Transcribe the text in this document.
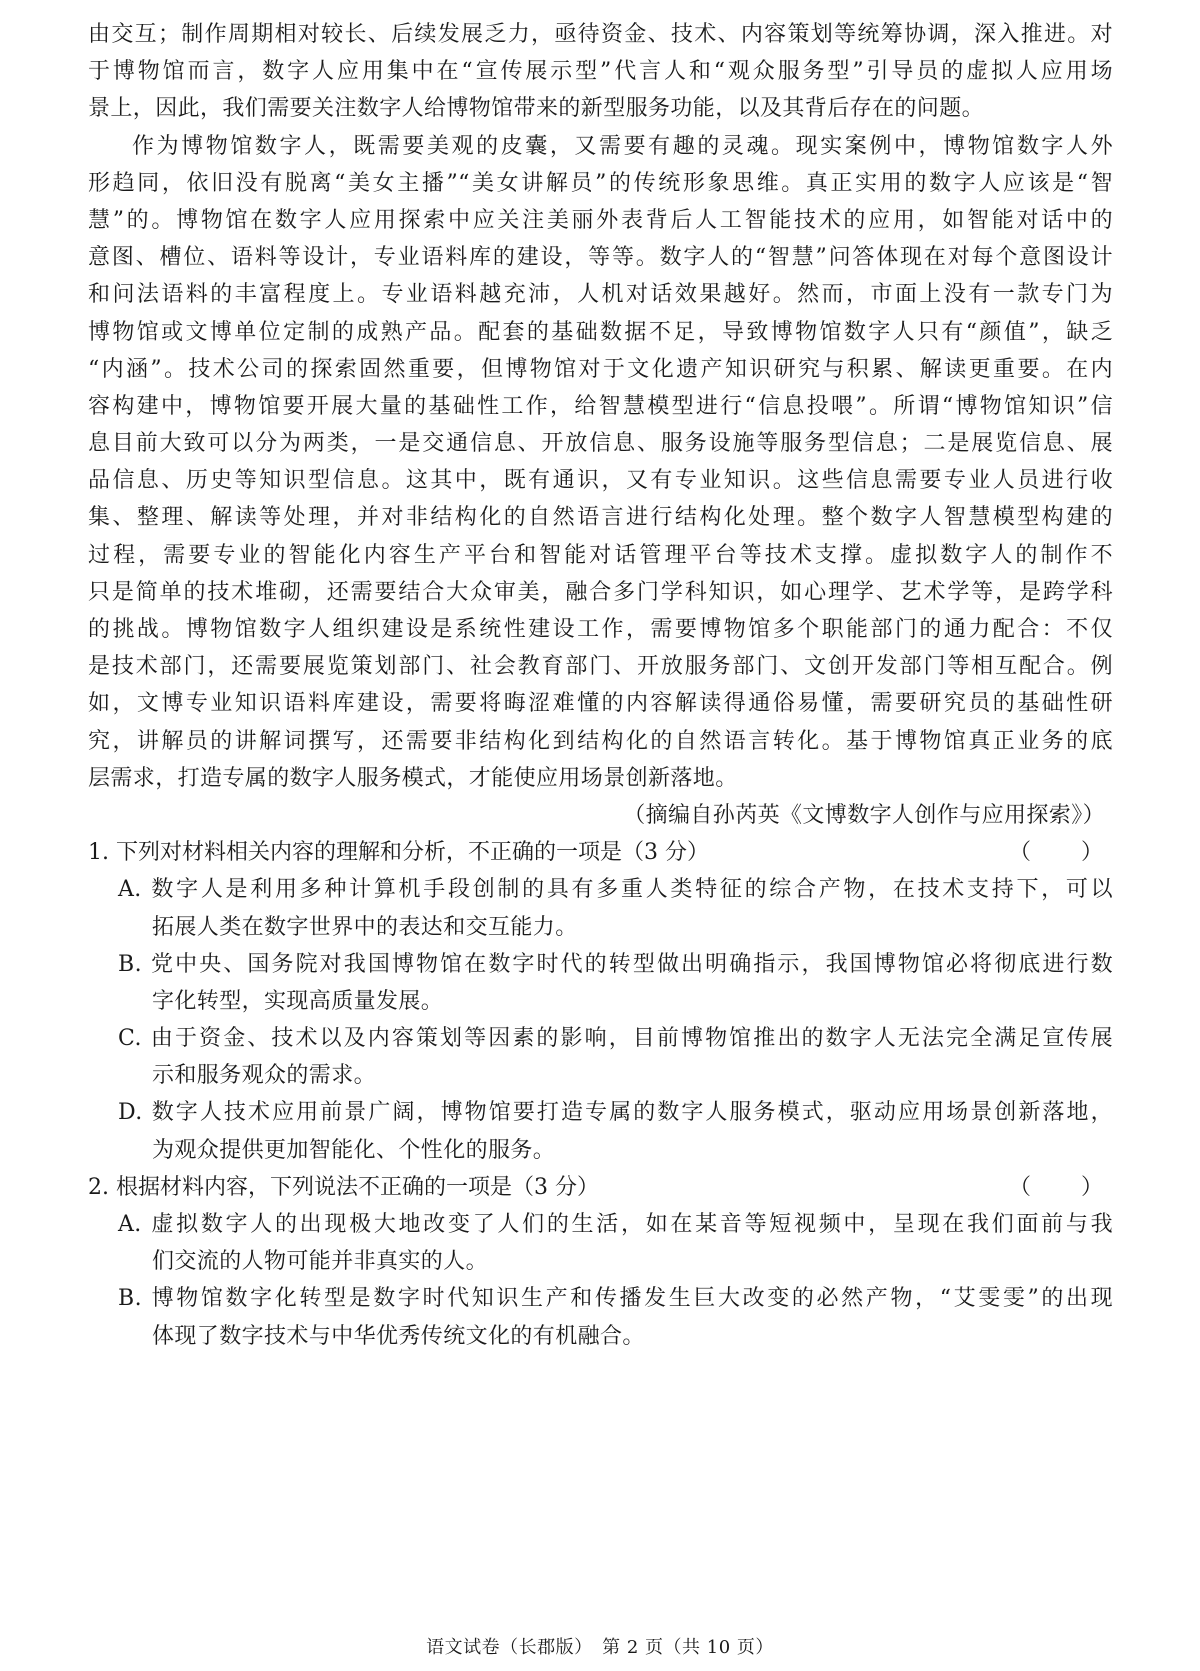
由交互；制作周期相对较长、后续发展乏力，亟待资金、技术、内容策划等统筹协调，深入推进。对
于博物馆而言，数字人应用集中在“宣传展示型”代言人和“观众服务型”引导员的虚拟人应用场
景上，因此，我们需要关注数字人给博物馆带来的新型服务功能，以及其背后存在的问题。
作为博物馆数字人，既需要美观的皮囊，又需要有趣的灵魂。现实案例中，博物馆数字人外
形趋同，依旧没有脱离“美女主播”“美女讲解员”的传统形象思维。真正实用的数字人应该是“智
慧”的。博物馆在数字人应用探索中应关注美丽外表背后人工智能技术的应用，如智能对话中的
意图、槽位、语料等设计，专业语料库的建设，等等。数字人的“智慧”问答体现在对每个意图设计
和问法语料的丰富程度上。专业语料越充沛，人机对话效果越好。然而，市面上没有一款专门为
博物馆或文博单位定制的成熟产品。配套的基础数据不足，导致博物馆数字人只有“颜值”，缺乏
“内涵”。技术公司的探索固然重要，但博物馆对于文化遗产知识研究与积累、解读更重要。在内
容构建中，博物馆要开展大量的基础性工作，给智慧模型进行“信息投喂”。所谓“博物馆知识”信
息目前大致可以分为两类，一是交通信息、开放信息、服务设施等服务型信息；二是展览信息、展
品信息、历史等知识型信息。这其中，既有通识，又有专业知识。这些信息需要专业人员进行收
集、整理、解读等处理，并对非结构化的自然语言进行结构化处理。整个数字人智慧模型构建的
过程，需要专业的智能化内容生产平台和智能对话管理平台等技术支撑。虚拟数字人的制作不
只是简单的技术堆砌，还需要结合大众审美，融合多门学科知识，如心理学、艺术学等，是跨学科
的挑战。博物馆数字人组织建设是系统性建设工作，需要博物馆多个职能部门的通力配合：不仅
是技术部门，还需要展览策划部门、社会教育部门、开放服务部门、文创开发部门等相互配合。例
如，文博专业知识语料库建设，需要将晦涩难懂的内容解读得通俗易懂，需要研究员的基础性研
究，讲解员的讲解词撰写，还需要非结构化到结构化的自然语言转化。基于博物馆真正业务的底
层需求，打造专属的数字人服务模式，才能使应用场景创新落地。
（摘编自孙芮英《文博数字人创作与应用探索》）
1. 下列对材料相关内容的理解和分析，不正确的一项是（3 分）	（　　）
A. 数字人是利用多种计算机手段创制的具有多重人类特征的综合产物，在技术支持下，可以
拓展人类在数字世界中的表达和交互能力。
B. 党中央、国务院对我国博物馆在数字时代的转型做出明确指示，我国博物馆必将彻底进行数
字化转型，实现高质量发展。
C. 由于资金、技术以及内容策划等因素的影响，目前博物馆推出的数字人无法完全满足宣传展
示和服务观众的需求。
D. 数字人技术应用前景广阔，博物馆要打造专属的数字人服务模式，驱动应用场景创新落地，
为观众提供更加智能化、个性化的服务。
2. 根据材料内容，下列说法不正确的一项是（3 分）	（　　）
A. 虚拟数字人的出现极大地改变了人们的生活，如在某音等短视频中，呈现在我们面前与我
们交流的人物可能并非真实的人。
B. 博物馆数字化转型是数字时代知识生产和传播发生巨大改变的必然产物，“艾雯雯”的出现
体现了数字技术与中华优秀传统文化的有机融合。
语文试卷（长郡版）　第 2 页（共 10 页）
